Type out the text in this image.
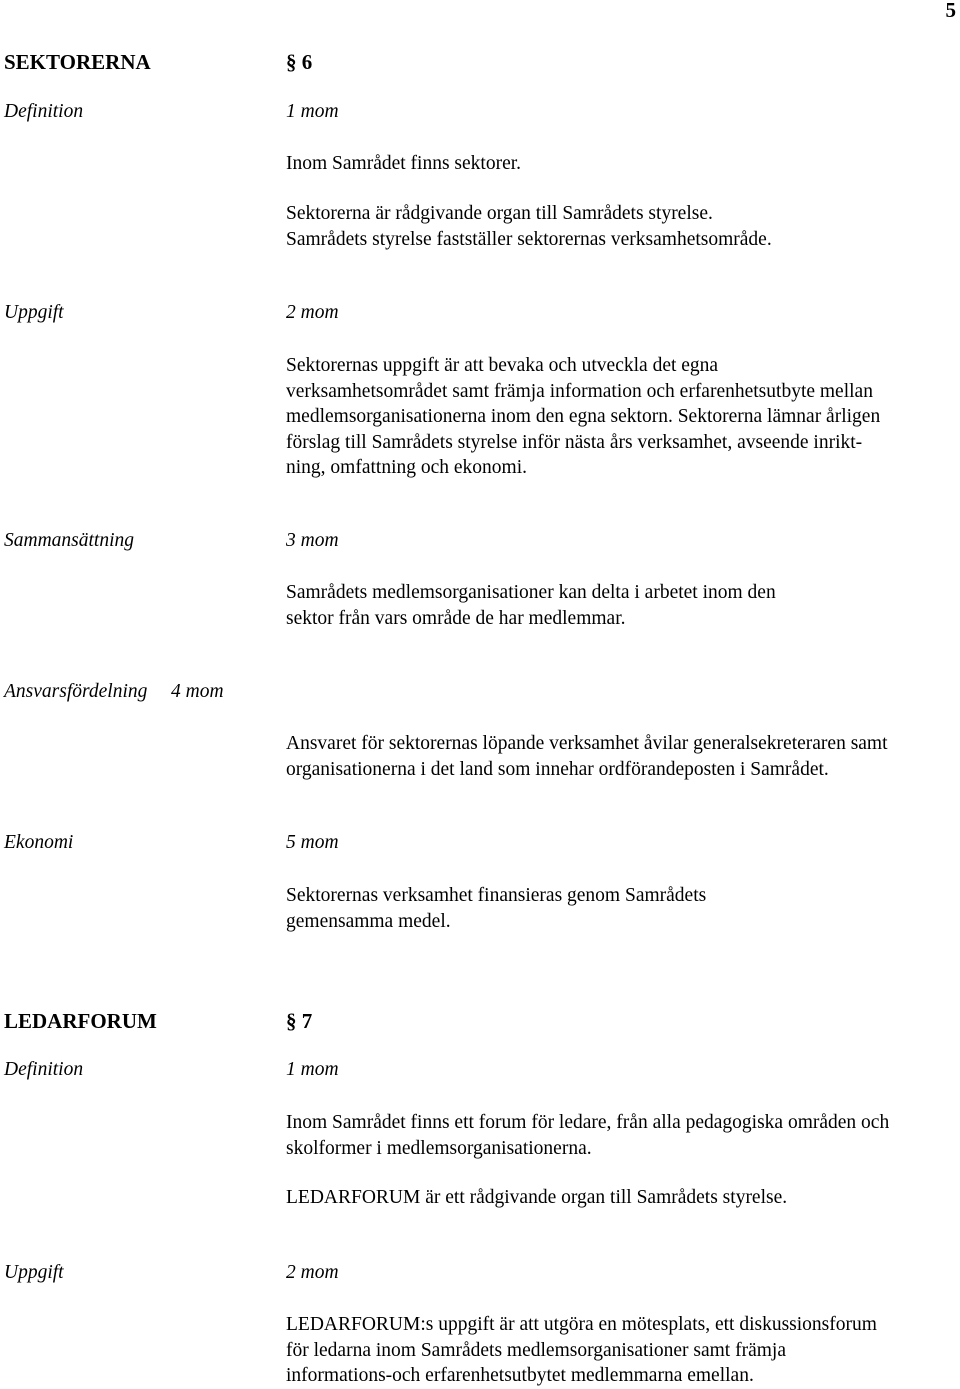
5
SEKTORERNA	§ 6
Definition	1 mom
Inom Samrådet finns sektorer.
Sektorerna är rådgivande organ till Samrådets styrelse.
Samrådets styrelse fastställer sektorernas verksamhetsområde.
Uppgift	2 mom
Sektorernas uppgift är att bevaka och utveckla det egna
verksamhetsområdet samt främja information och erfarenhetsutbyte mellan
medlemsorganisationerna inom den egna sektorn. Sektorerna lämnar årligen
förslag till Samrådets styrelse inför nästa års verksamhet, avseende inrikt-
ning, omfattning och ekonomi.
Sammansättning	3 mom
Samrådets medlemsorganisationer kan delta i arbetet inom den
sektor från vars område de har medlemmar.
Ansvarsfördelning 4 mom
Ansvaret för sektorernas löpande verksamhet åvilar generalsekreteraren samt
organisationerna i det land som innehar ordförandeposten i Samrådet.
Ekonomi	5 mom
Sektorernas verksamhet finansieras genom Samrådets
gemensamma medel.
LEDARFORUM	§ 7
Definition	1 mom
Inom Samrådet finns ett forum för ledare, från alla pedagogiska områden och
skolformer i medlemsorganisationerna.
LEDARFORUM är ett rådgivande organ till Samrådets styrelse.
Uppgift	2 mom
LEDARFORUM:s uppgift är att utgöra en mötesplats, ett diskussionsforum
för ledarna inom Samrådets medlemsorganisationer samt främja
informations-och erfarenhetsutbytet medlemmarna emellan.
